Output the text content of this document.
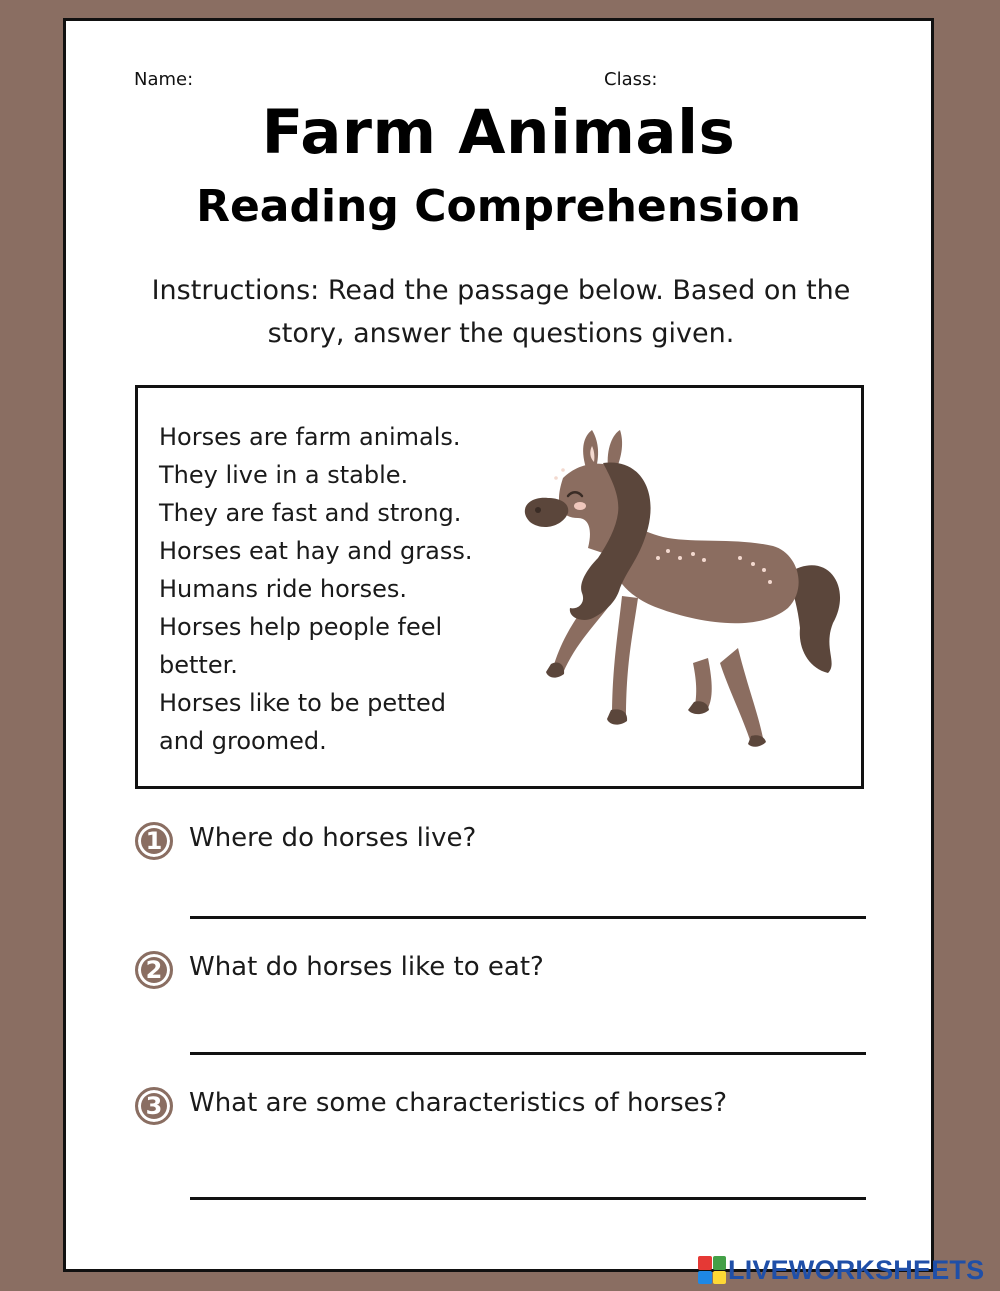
Name:	Class:
Farm Animals
Reading Comprehension
Instructions: Read the passage below. Based on the story, answer the questions given.
Horses are farm animals.
They live in a stable.
They are fast and strong.
Horses eat hay and grass.
Humans ride horses.
Horses help people feel
better.
Horses like to be petted
and groomed.
1	Where do horses live?
2	What do horses like to eat?
3	What are some characteristics of horses?
LIVEWORKSHEETS
